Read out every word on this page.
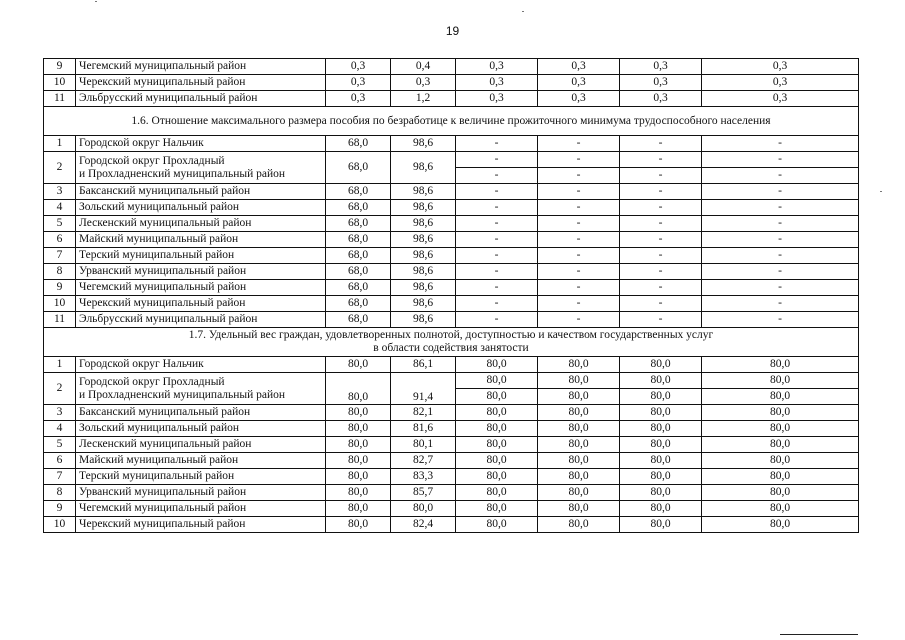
19
9	Чегемский муниципальный район	0,3	0,4	0,3	0,3	0,3	0,3
10	Черекский муниципальный район	0,3	0,3	0,3	0,3	0,3	0,3
11	Эльбрусский муниципальный район	0,3	1,2	0,3	0,3	0,3	0,3
1.6. Отношение максимального размера пособия по безработице к величине прожиточного минимума трудоспособного населения							
1	Городской округ Нальчик	68,0	98,6	-	-	-	-
2	Городской округ Прохладный
и Прохладненский муниципальный район	68,0	98,6	-	-	-	-
				-	-	-	-
3	Баксанский муниципальный район	68,0	98,6	-	-	-	-
4	Зольский муниципальный район	68,0	98,6	-	-	-	-
5	Лескенский муниципальный район	68,0	98,6	-	-	-	-
6	Майский муниципальный район	68,0	98,6	-	-	-	-
7	Терский муниципальный район	68,0	98,6	-	-	-	-
8	Урванский муниципальный район	68,0	98,6	-	-	-	-
9	Чегемский муниципальный район	68,0	98,6	-	-	-	-
10	Черекский муниципальный район	68,0	98,6	-	-	-	-
11	Эльбрусский муниципальный район	68,0	98,6	-	-	-	-
1.7. Удельный вес граждан, удовлетворенных полнотой, доступностью и качеством государственных услуг
в области содействия занятости							
1	Городской округ Нальчик	80,0	86,1	80,0	80,0	80,0	80,0
2	Городской округ Прохладный
и Прохладненский муниципальный район	80,0	91,4	80,0	80,0	80,0	80,0
				80,0	80,0	80,0	80,0
3	Баксанский муниципальный район	80,0	82,1	80,0	80,0	80,0	80,0
4	Зольский муниципальный район	80,0	81,6	80,0	80,0	80,0	80,0
5	Лескенский муниципальный район	80,0	80,1	80,0	80,0	80,0	80,0
6	Майский муниципальный район	80,0	82,7	80,0	80,0	80,0	80,0
7	Терский муниципальный район	80,0	83,3	80,0	80,0	80,0	80,0
8	Урванский муниципальный район	80,0	85,7	80,0	80,0	80,0	80,0
9	Чегемский муниципальный район	80,0	80,0	80,0	80,0	80,0	80,0
10	Черекский муниципальный район	80,0	82,4	80,0	80,0	80,0	80,0
